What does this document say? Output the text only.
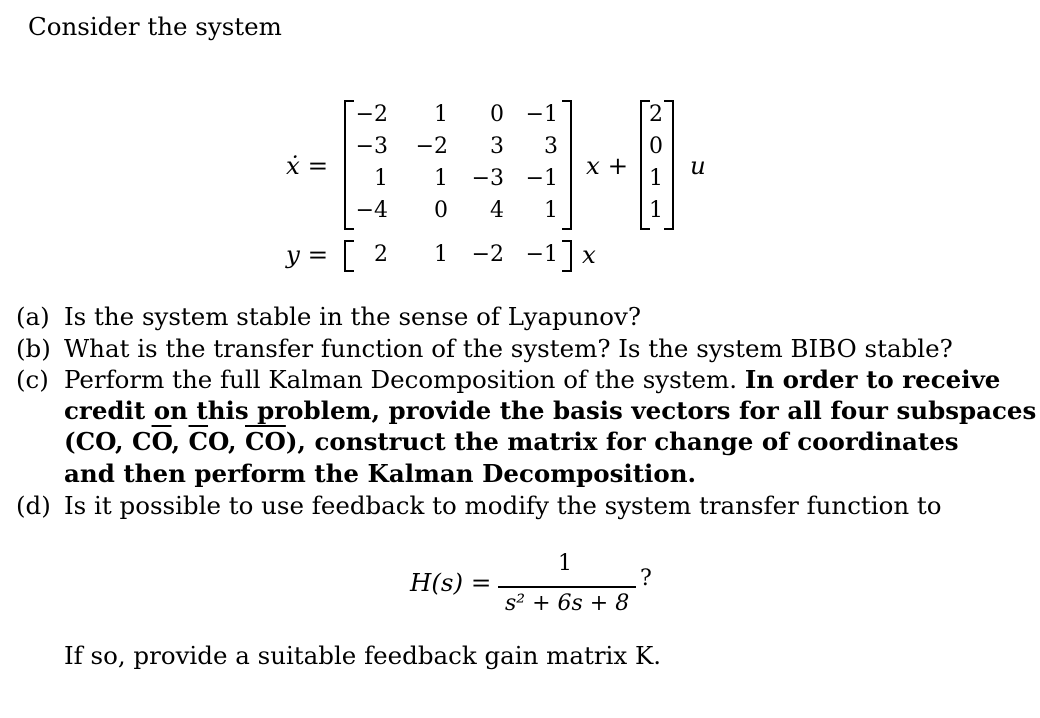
Consider the system
ẋ =
−2	1	0 −1
−3	−2	3	3
1	1	−3 −1
−4	0	4	1
x +
2
0
1
1
u
y =	2	1	−2 −1 x
(a) Is the system stable in the sense of Lyapunov?
(b) What is the transfer function of the system? Is the system BIBO stable?
(c) Perform the full Kalman Decomposition of the system. In order to receive
credit on this problem, provide the basis vectors for all four subspaces
(CO, $C\overline{O}$, $\overline{C}O$, $\overline{CO}$), construct the matrix for change of coordinates
and then perform the Kalman Decomposition.
(d) Is it possible to use feedback to modify the system transfer function to
H(s) =
1
s² + 6s + 8
?
If so, provide a suitable feedback gain matrix K.
